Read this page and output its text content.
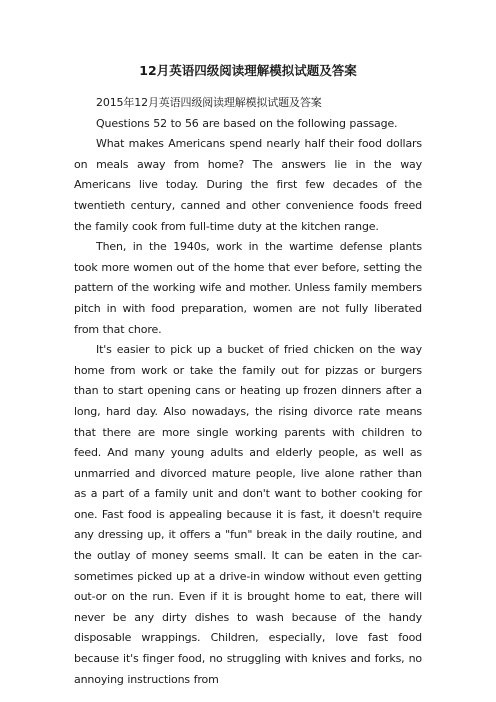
12月英语四级阅读理解模拟试题及答案

2015年12月英语四级阅读理解模拟试题及答案

Questions 52 to 56 are based on the following passage.

What makes Americans spend nearly half their food dollars on meals away from home? The answers lie in the way Americans live today. During the first few decades of the twentieth century, canned and other convenience foods freed the family cook from full-time duty at the kitchen range.

Then, in the 1940s, work in the wartime defense plants took more women out of the home that ever before, setting the pattern of the working wife and mother. Unless family members pitch in with food preparation, women are not fully liberated from that chore.

It's easier to pick up a bucket of fried chicken on the way home from work or take the family out for pizzas or burgers than to start opening cans or heating up frozen dinners after a long, hard day. Also nowadays, the rising divorce rate means that there are more single working parents with children to feed. And many young adults and elderly people, as well as unmarried and divorced mature people, live alone rather than as a part of a family unit and don't want to bother cooking for one. Fast food is appealing because it is fast, it doesn't require any dressing up, it offers a "fun" break in the daily routine, and the outlay of money seems small. It can be eaten in the car-sometimes picked up at a drive-in window without even getting out-or on the run. Even if it is brought home to eat, there will never be any dirty dishes to wash because of the handy disposable wrappings. Children, especially, love fast food because it's finger food, no struggling with knives and forks, no annoying instructions from
